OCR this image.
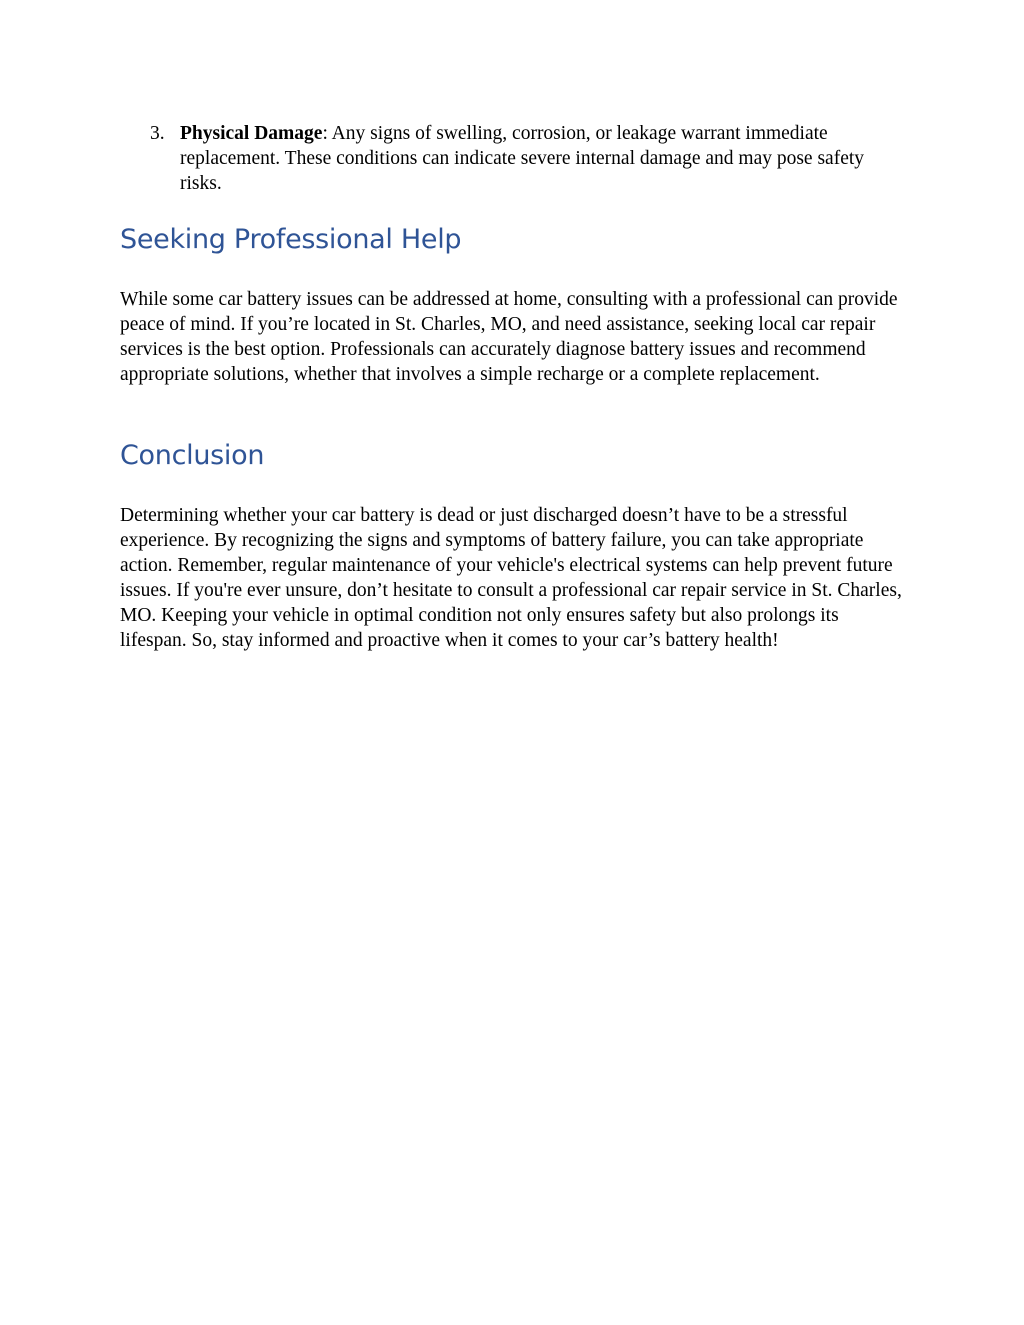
3. Physical Damage: Any signs of swelling, corrosion, or leakage warrant immediate replacement. These conditions can indicate severe internal damage and may pose safety risks.
Seeking Professional Help

While some car battery issues can be addressed at home, consulting with a professional can provide peace of mind. If you’re located in St. Charles, MO, and need assistance, seeking local car repair services is the best option. Professionals can accurately diagnose battery issues and recommend appropriate solutions, whether that involves a simple recharge or a complete replacement.

Conclusion

Determining whether your car battery is dead or just discharged doesn’t have to be a stressful experience. By recognizing the signs and symptoms of battery failure, you can take appropriate action. Remember, regular maintenance of your vehicle's electrical systems can help prevent future issues. If you're ever unsure, don’t hesitate to consult a professional car repair service in St. Charles, MO. Keeping your vehicle in optimal condition not only ensures safety but also prolongs its lifespan. So, stay informed and proactive when it comes to your car’s battery health!
